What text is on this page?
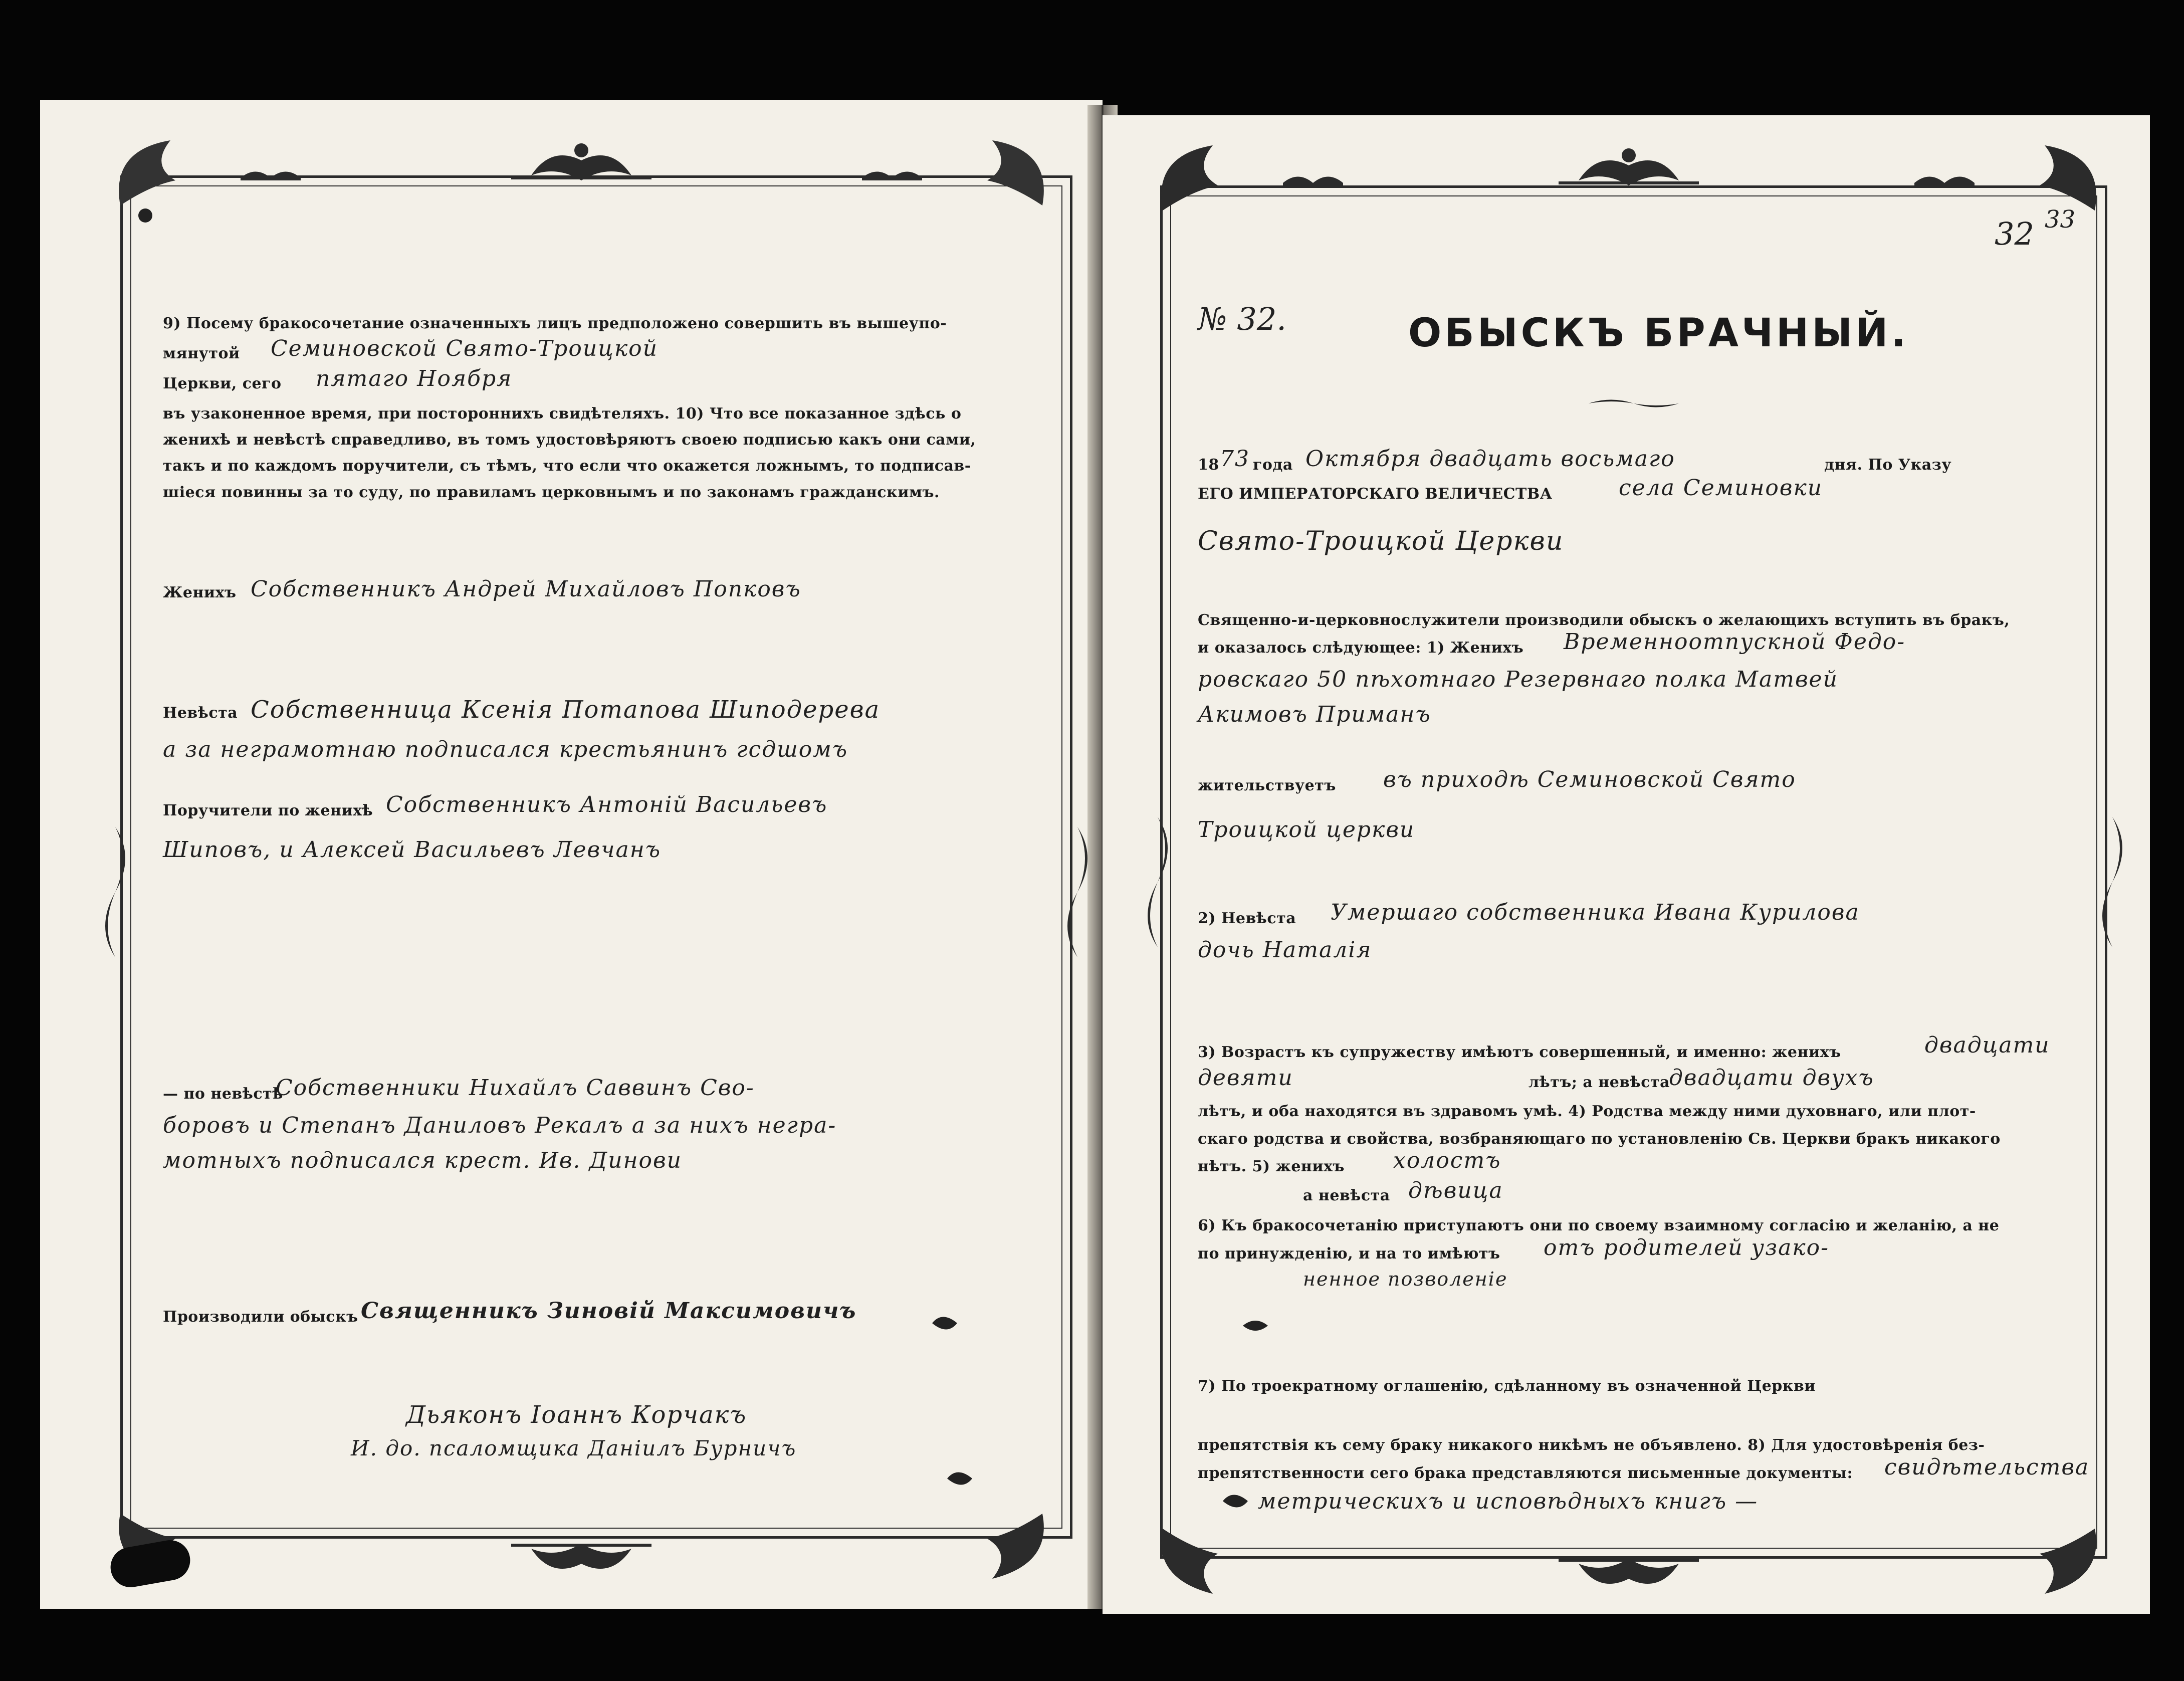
9) Посему бракосочетание означенныхъ лицъ предположено совершить въ вышеупо-
мянутой Семиновской Свято-Троицкой
Церкви, сего пятаго Ноября
въ узаконенное время, при постороннихъ свидѣтеляхъ. 10) Что все показанное здѣсь о
женихѣ и невѣстѣ справедливо, въ томъ удостовѣряютъ своею подписью какъ они сами,
такъ и по каждомъ поручители, съ тѣмъ, что если что окажется ложнымъ, то подписав-
шіеся повинны за то суду, по правиламъ церковнымъ и по законамъ гражданскимъ.
Женихъ Собственникъ Андрей Михайловъ Попковъ
Невѣста Собственница Ксенія Потапова Шиподерева
а за неграмотнаю подписался крестьянинъ гсдшомъ
Поручители по женихѣ Собственникъ Антоній Васильевъ
Шиповъ, и Алексей Васильевъ Левчанъ
— по невѣстѣ
Собственники Нихайлъ Саввинъ Сво-
боровъ и Степанъ Даниловъ Рекалъ а за нихъ негра-
мотныхъ подписался крест. Ив. Динови
Производили обыскъ Священникъ Зиновій Максимовичъ
Дьяконъ Іоаннъ Корчакъ
И. до. псаломщика Даніилъ Бурничъ
32 33
№ 32.	ОБЫСКЪ БРАЧНЫЙ.
18 73 года Октября двадцать восьмаго	дня. По Указу
ЕГО ИМПЕРАТОРСКАГО ВЕЛИЧЕСТВА	села Семиновки
Свято-Троицкой Церкви
Священно-и-церковнослужители производили обыскъ о желающихъ вступить въ бракъ,
и оказалось слѣдующее: 1) Женихъ Временноотпускной Федо-
ровскаго 50 пѣхотнаго Резервнаго полка Матвей
Акимовъ Приманъ
жительствуетъ въ приходѣ Семиновской Свято
Троицкой церкви
2) Невѣста Умершаго собственника Ивана Курилова
дочь Наталія
3) Возрастъ къ супружеству имѣютъ совершенный, и именно: женихъ	двадцати
девяти	лѣтъ; а невѣста
двадцати двухъ
лѣтъ, и оба находятся въ здравомъ умѣ. 4) Родства между ними духовнаго, или плот-
скаго родства и свойства, возбраняющаго по установленію Св. Церкви бракъ никакого
нѣтъ. 5) женихъ холостъ
а невѣста дѣвица
6) Къ бракосочетанію приступаютъ они по своему взаимному согласію и желанію, а не
по принужденію, и на то имѣютъ отъ родителей узако-
ненное позволеніе
7) По троекратному оглашенію, сдѣланному въ означенной Церкви
препятствія къ сему браку никакого никѣмъ не объявлено. 8) Для удостовѣренія без-
препятственности сего брака представляются письменные документы: свидѣтельства
метрическихъ и исповѣдныхъ книгъ —
